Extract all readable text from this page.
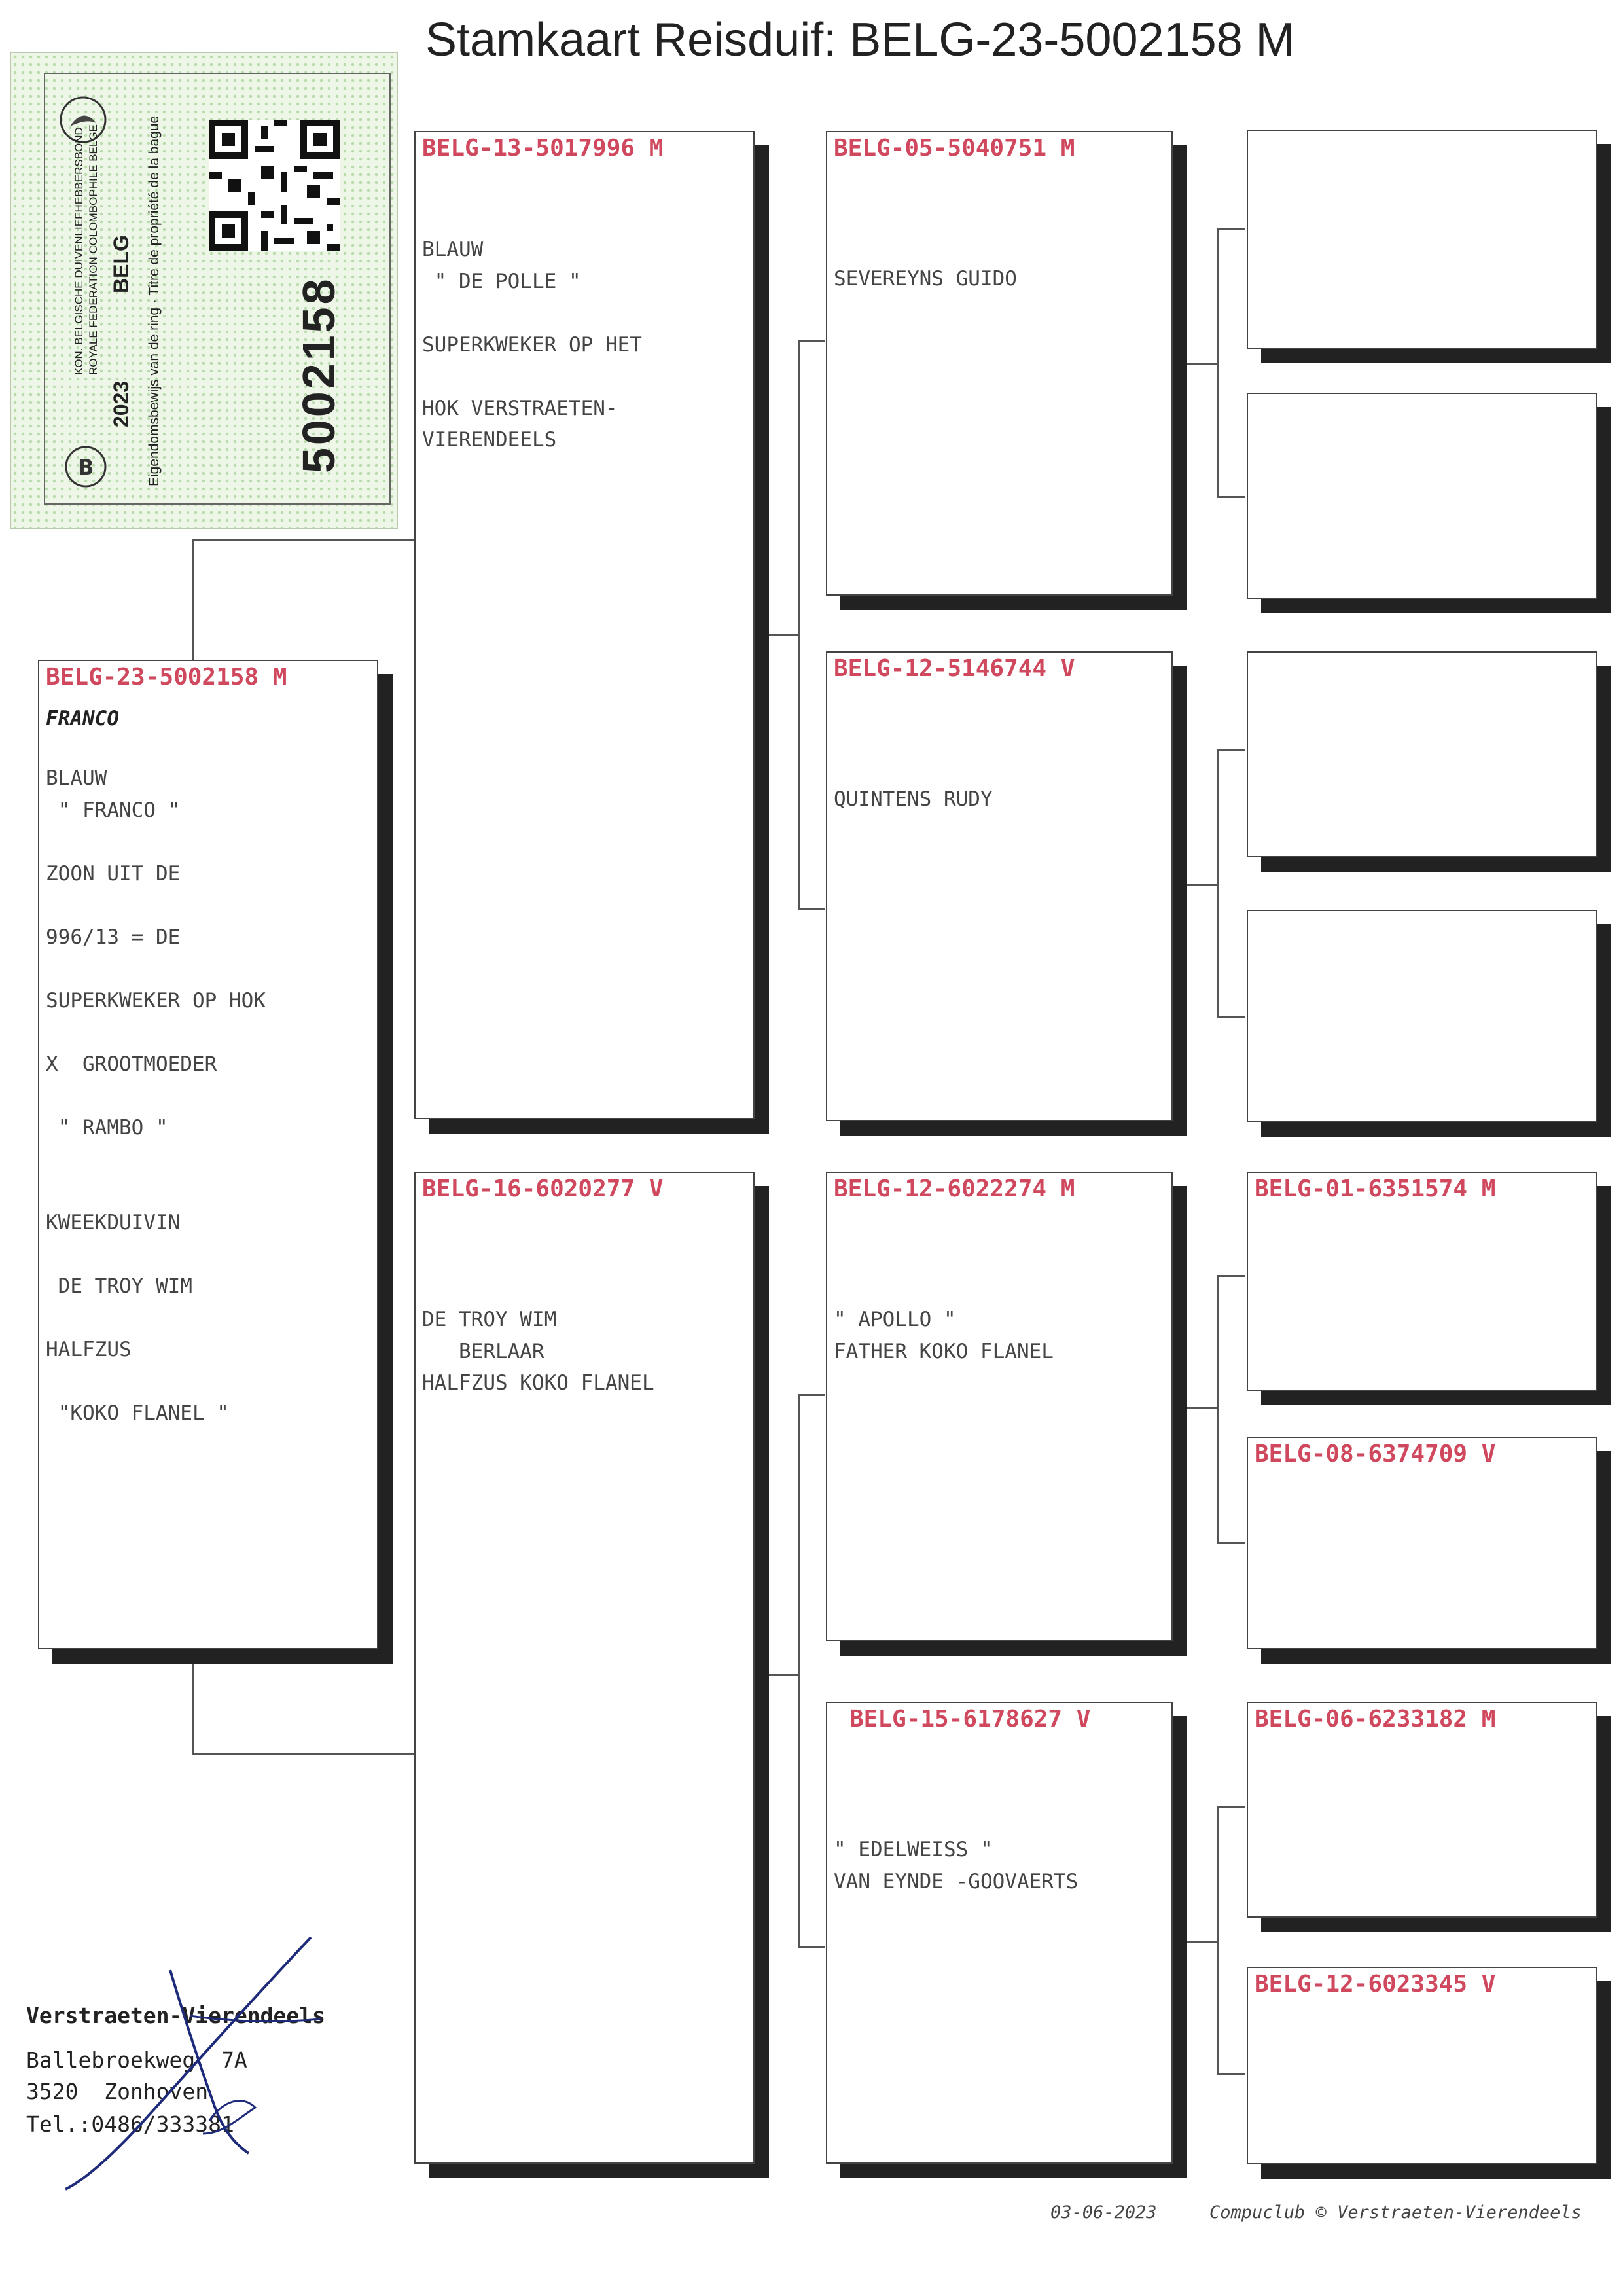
Stamkaart Reisduif: BELG-23-5002158 M
B
KON. BELGISCHE DUIVENLIEFHEBBERSBOND ROYALE FEDERATION COLOMBOPHILE BELGE
2023
BELG Eigendomsbewijs van de ring · Titre de propriété de la bague	5002158
BELG-23-5002158 M
FRANCO
BLAUW
" FRANCO "

ZOON UIT DE

996/13 = DE

SUPERKWEKER OP HOK

X  GROOTMOEDER

" RAMBO "

KWEEKDUIVIN

DE TROY WIM

HALFZUS

"KOKO FLANEL "
BELG-13-5017996 M
BLAUW
" DE POLLE "

SUPERKWEKER OP HET

HOK VERSTRAETEN-
VIERENDEELS
BELG-16-6020277 V
DE TROY WIM
BERLAAR
HALFZUS KOKO FLANEL
BELG-05-5040751 M
SEVEREYNS GUIDO
BELG-12-5146744 V
QUINTENS RUDY
BELG-12-6022274 M
" APOLLO "
FATHER KOKO FLANEL
BELG-15-6178627 V
" EDELWEISS "
VAN EYNDE -GOOVAERTS
BELG-01-6351574 M
BELG-08-6374709 V
BELG-06-6233182 M
BELG-12-6023345 V
Verstraeten-Vierendeels
Ballebroekweg  7A
3520  Zonhoven
Tel.:0486/333381
03-06-2023	Compuclub © Verstraeten-Vierendeels
